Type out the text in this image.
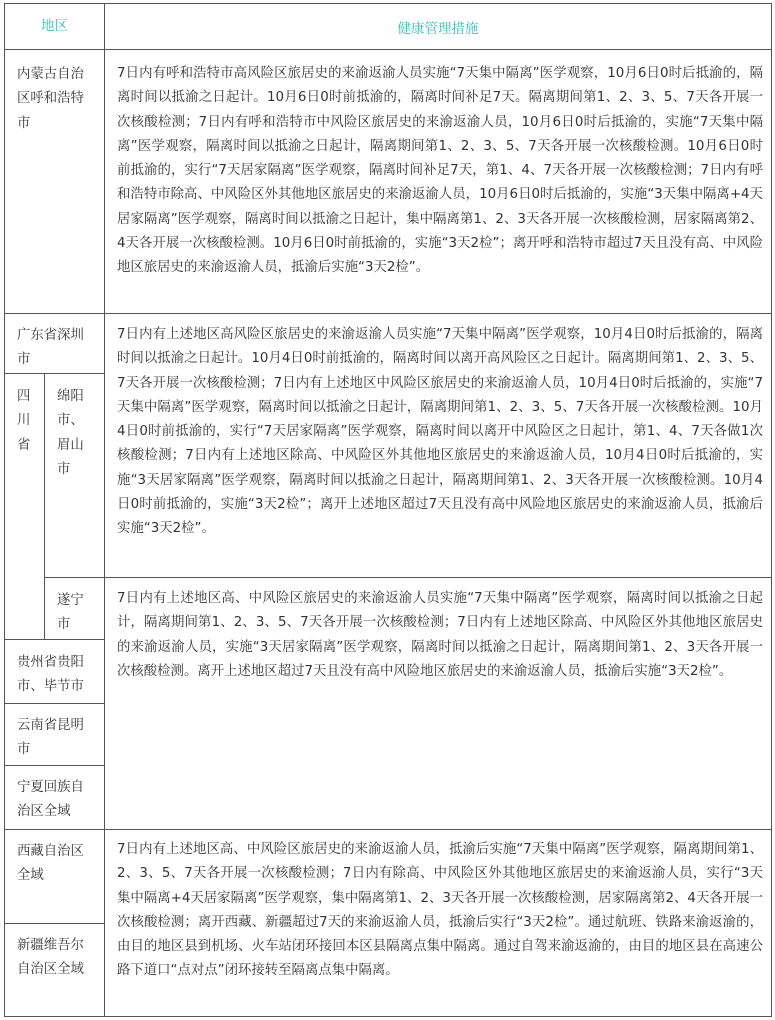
地区	健康管理措施
内蒙古自治区呼和浩特市
广东省深圳市
四川省
绵阳市、眉山市
遂宁市
贵州省贵阳市、毕节市
云南省昆明市
宁夏回族自治区全域
西藏自治区全域
新疆维吾尔自治区全域
7日内有呼和浩特市高风险区旅居史的来渝返渝人员实施“7天集中隔离”医学观察，10月6日0时后抵渝的，隔离时间以抵渝之日起计。10月6日0时前抵渝的，隔离时间补足7天。隔离期间第1、2、3、5、7天各开展一次核酸检测；7日内有呼和浩特市中风险区旅居史的来渝返渝人员，10月6日0时后抵渝的，实施“7天集中隔离”医学观察，隔离时间以抵渝之日起计，隔离期间第1、2、3、5、7天各开展一次核酸检测。10月6日0时前抵渝的，实行“7天居家隔离”医学观察，隔离时间补足7天，第1、4、7天各开展一次核酸检测；7日内有呼和浩特市除高、中风险区外其他地区旅居史的来渝返渝人员，10月6日0时后抵渝的，实施“3天集中隔离+4天居家隔离”医学观察，隔离时间以抵渝之日起计，集中隔离第1、2、3天各开展一次核酸检测，居家隔离第2、4天各开展一次核酸检测。10月6日0时前抵渝的，实施“3天2检”；离开呼和浩特市超过7天且没有高、中风险地区旅居史的来渝返渝人员，抵渝后实施“3天2检”。
7日内有上述地区高风险区旅居史的来渝返渝人员实施“7天集中隔离”医学观察，10月4日0时后抵渝的，隔离时间以抵渝之日起计。10月4日0时前抵渝的，隔离时间以离开高风险区之日起计。隔离期间第1、2、3、5、7天各开展一次核酸检测；7日内有上述地区中风险区旅居史的来渝返渝人员，10月4日0时后抵渝的，实施“7天集中隔离”医学观察，隔离时间以抵渝之日起计，隔离期间第1、2、3、5、7天各开展一次核酸检测。10月4日0时前抵渝的，实行“7天居家隔离”医学观察，隔离时间以离开中风险区之日起计，第1、4、7天各做1次核酸检测；7日内有上述地区除高、中风险区外其他地区旅居史的来渝返渝人员，10月4日0时后抵渝的，实施“3天居家隔离”医学观察，隔离时间以抵渝之日起计，隔离期间第1、2、3天各开展一次核酸检测。10月4日0时前抵渝的，实施“3天2检”；离开上述地区超过7天且没有高中风险地区旅居史的来渝返渝人员，抵渝后实施“3天2检”。
7日内有上述地区高、中风险区旅居史的来渝返渝人员实施“7天集中隔离”医学观察，隔离时间以抵渝之日起计，隔离期间第1、2、3、5、7天各开展一次核酸检测；7日内有上述地区除高、中风险区外其他地区旅居史的来渝返渝人员，实施“3天居家隔离”医学观察，隔离时间以抵渝之日起计，隔离期间第1、2、3天各开展一次核酸检测。离开上述地区超过7天且没有高中风险地区旅居史的来渝返渝人员，抵渝后实施“3天2检”。
7日内有上述地区高、中风险区旅居史的来渝返渝人员，抵渝后实施“7天集中隔离”医学观察，隔离期间第1、2、3、5、7天各开展一次核酸检测；7日内有除高、中风险区外其他地区旅居史的来渝返渝人员，实行“3天集中隔离+4天居家隔离”医学观察，集中隔离第1、2、3天各开展一次核酸检测，居家隔离第2、4天各开展一次核酸检测；离开西藏、新疆超过7天的来渝返渝人员，抵渝后实行“3天2检”。通过航班、铁路来渝返渝的，由目的地区县到机场、火车站闭环接回本区县隔离点集中隔离。通过自驾来渝返渝的，由目的地区县在高速公路下道口“点对点”闭环接转至隔离点集中隔离。
